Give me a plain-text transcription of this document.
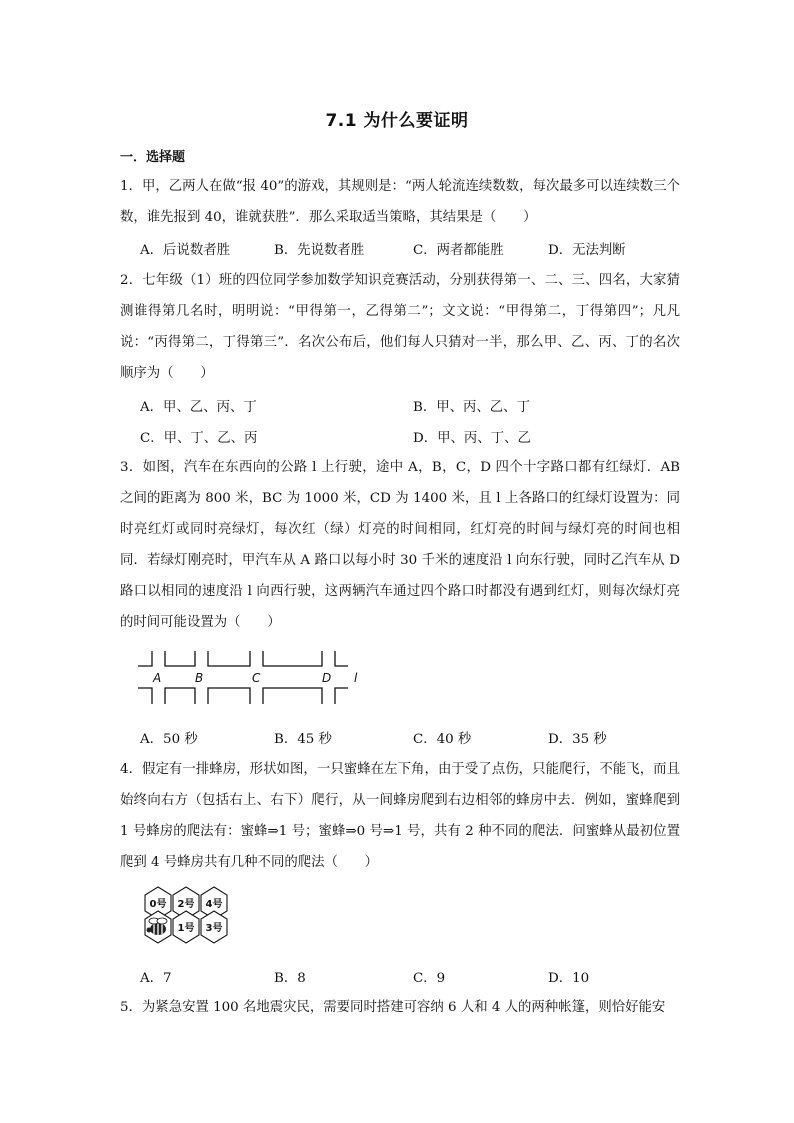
7.1 为什么要证明
一．选择题
1．甲，乙两人在做“报 40”的游戏，其规则是：“两人轮流连续数数，每次最多可以连续数三个数，谁先报到 40，谁就获胜”．那么采取适当策略，其结果是（　　）
A．后说数者胜	B．先说数者胜	C．两者都能胜	D．无法判断
2．七年级（1）班的四位同学参加数学知识竞赛活动，分别获得第一、二、三、四名，大家猜测谁得第几名时，明明说：“甲得第一，乙得第二”；文文说：“甲得第二，丁得第四”；凡凡说：“丙得第二，丁得第三”．名次公布后，他们每人只猜对一半，那么甲、乙、丙、丁的名次顺序为（　　）
A．甲、乙、丙、丁	B．甲、丙、乙、丁
C．甲、丁、乙、丙	D．甲、丙、丁、乙
3．如图，汽车在东西向的公路 l 上行驶，途中 A，B，C，D 四个十字路口都有红绿灯．AB 之间的距离为 800 米，BC 为 1000 米，CD 为 1400 米，且 l 上各路口的红绿灯设置为：同时亮红灯或同时亮绿灯，每次红（绿）灯亮的时间相同，红灯亮的时间与绿灯亮的时间也相同．若绿灯刚亮时，甲汽车从 A 路口以每小时 30 千米的速度沿 l 向东行驶，同时乙汽车从 D 路口以相同的速度沿 l 向西行驶，这两辆汽车通过四个路口时都没有遇到红灯，则每次绿灯亮的时间可能设置为（　　）
A	B	C	D l
A．50 秒	B．45 秒	C．40 秒	D．35 秒
4．假定有一排蜂房，形状如图，一只蜜蜂在左下角，由于受了点伤，只能爬行，不能飞，而且始终向右方（包括右上、右下）爬行，从一间蜂房爬到右边相邻的蜂房中去．例如，蜜蜂爬到 1 号蜂房的爬法有：蜜蜂⇒1 号；蜜蜂⇒0 号⇒1 号，共有 2 种不同的爬法．问蜜蜂从最初位置爬到 4 号蜂房共有几种不同的爬法（　　）
0号 2号 4号
1号 3号
A．7	B．8	C．9	D．10
5．为紧急安置 100 名地震灾民，需要同时搭建可容纳 6 人和 4 人的两种帐篷，则恰好能安
